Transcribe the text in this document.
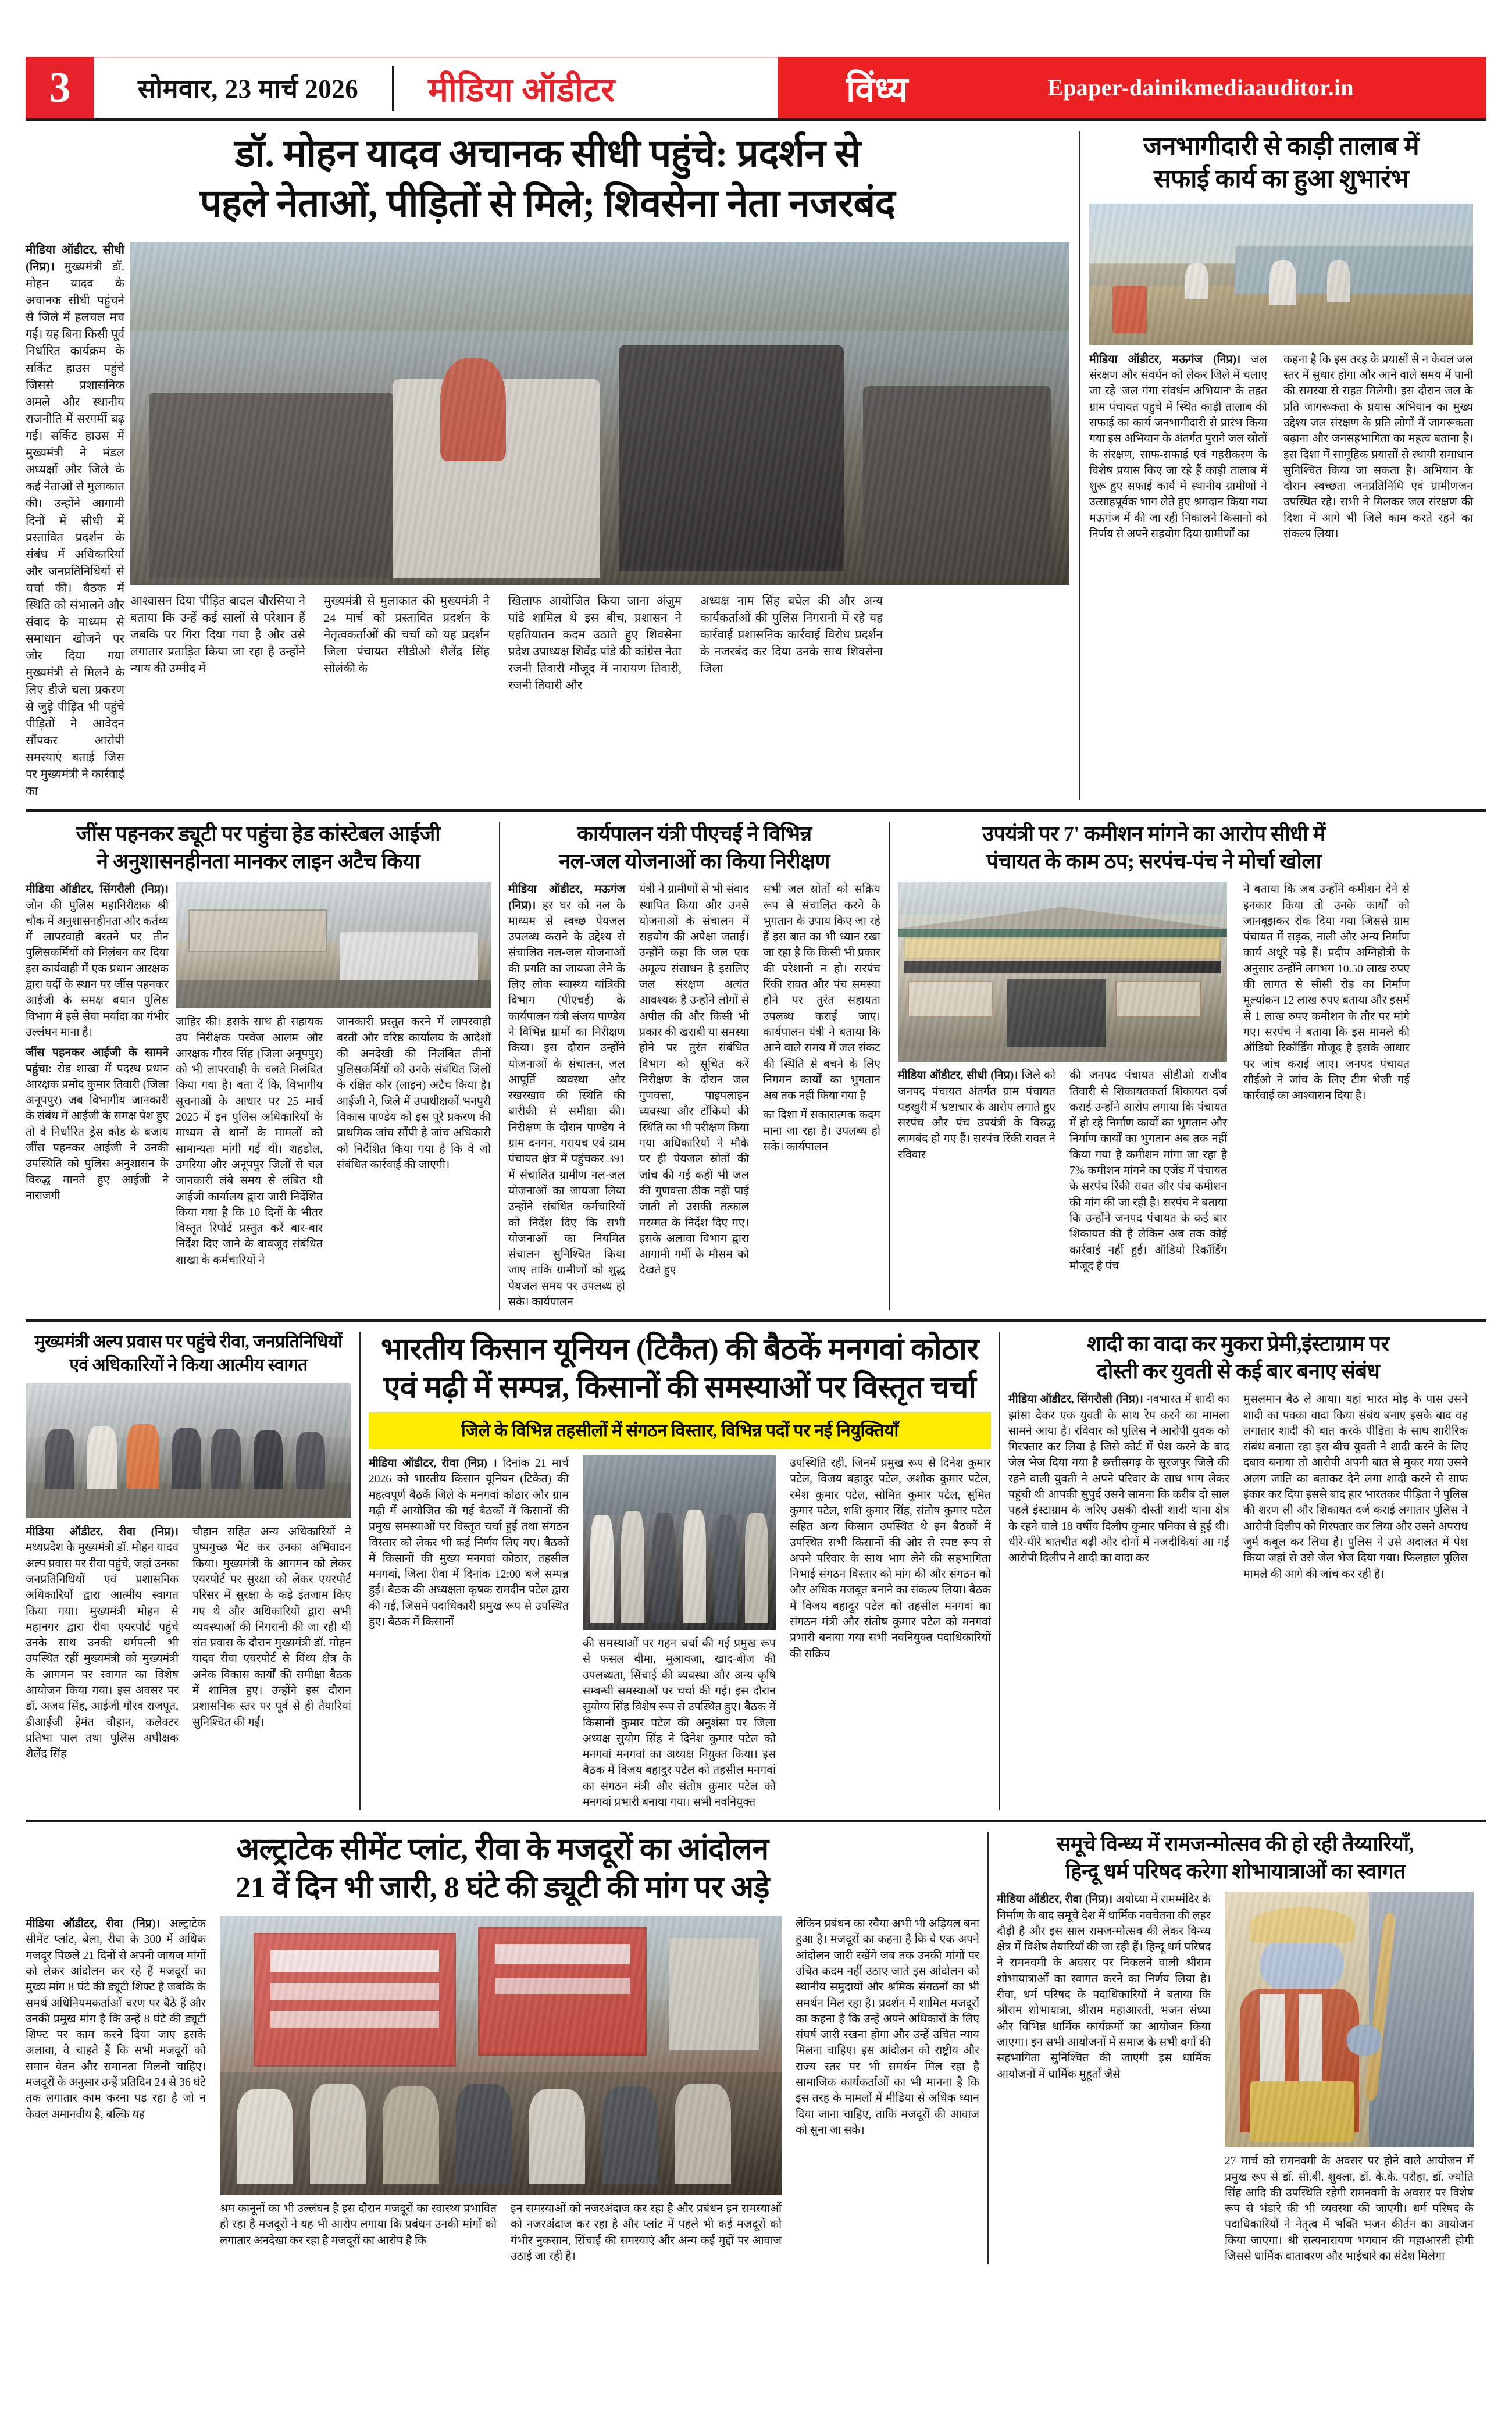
3	सोमवार, 23 मार्च 2026 मीडिया ऑडीटर	विंध्य	Epaper-dainikmediaauditor.in
डॉ. मोहन यादव अचानक सीधी पहुंचे: प्रदर्शन से
पहले नेताओं, पीड़ितों से मिले; शिवसेना नेता नजरबंद

मीडिया ऑडीटर, सीधी (निप्र)। मुख्यमंत्री डॉ. मोहन यादव के अचानक सीधी पहुंचने से जिले में हलचल मच गई। यह बिना किसी पूर्व निर्धारित कार्यक्रम के सर्किट हाउस पहुंचे जिससे प्रशासनिक अमले और स्थानीय राजनीति में सरगर्मी बढ़ गई। सर्किट हाउस में मुख्यमंत्री ने मंडल अध्यक्षों और जिले के कई नेताओं से मुलाकात की। उन्होंने आगामी दिनों में सीधी में प्रस्तावित प्रदर्शन के संबंध में अधिकारियों और जनप्रतिनिधियों से चर्चा की। बैठक में स्थिति को संभालने और संवाद के माध्यम से समाधान खोजने पर जोर दिया गया मुख्यमंत्री से मिलने के लिए डीजे चला प्रकरण से जुड़े पीड़ित भी पहुंचे पीड़ितों ने आवेदन सौंपकर आरोपी समस्याएं बताई जिस पर मुख्यमंत्री ने कार्रवाई का

आश्वासन दिया पीड़ित बादल चौरसिया ने बताया कि उन्हें कई सालों से परेशान हैं जबकि पर गिरा दिया गया है और उसे लगातार प्रताड़ित किया जा रहा है उन्होंने न्याय की उम्मीद में

मुख्यमंत्री से मुलाकात की मुख्यमंत्री ने 24 मार्च को प्रस्तावित प्रदर्शन के नेतृत्वकर्ताओं की चर्चा को यह प्रदर्शन जिला पंचायत सीडीओ शैलेंद्र सिंह सोलंकी के

खिलाफ आयोजित किया जाना अंजुम पांडे शामिल थे इस बीच, प्रशासन ने एहतियातन कदम उठाते हुए शिवसेना प्रदेश उपाध्यक्ष शिवेंद्र पांडे की कांग्रेस नेता रजनी तिवारी मौजूद में नारायण तिवारी, रजनी तिवारी और

अध्यक्ष नाम सिंह बघेल की और अन्य कार्यकर्ताओं की पुलिस निगरानी में रहे यह कार्रवाई प्रशासनिक कार्रवाई विरोध प्रदर्शन के नजरबंद कर दिया उनके साथ शिवसेना जिला

जनभागीदारी से काड़ी तालाब में
सफाई कार्य का हुआ शुभारंभ

मीडिया ऑडीटर, मऊगंज (निप्र)। जल संरक्षण और संवर्धन को लेकर जिले में चलाए जा रहे 'जल गंगा संवर्धन अभियान' के तहत ग्राम पंचायत पहुचे में स्थित काड़ी तालाब की सफाई का कार्य जनभागीदारी से प्रारंभ किया गया इस अभियान के अंतर्गत पुराने जल स्रोतों के संरक्षण, साफ-सफाई एवं गहरीकरण के विशेष प्रयास किए जा रहे हैं काड़ी तालाब में शुरू हुए सफाई कार्य में स्थानीय ग्रामीणों ने उत्साहपूर्वक भाग लेते हुए श्रमदान किया गया मऊगंज में की जा रही निकालने किसानों को निर्णय से अपने सहयोग दिया ग्रामीणों का

कहना है कि इस तरह के प्रयासों से न केवल जल स्तर में सुधार होगा और आने वाले समय में पानी की समस्या से राहत मिलेगी। इस दौरान जल के प्रति जागरूकता के प्रयास अभियान का मुख्य उद्देश्य जल संरक्षण के प्रति लोगों में जागरूकता बढ़ाना और जनसहभागिता का महत्व बताना है। इस दिशा में सामूहिक प्रयासों से स्थायी समाधान सुनिश्चित किया जा सकता है। अभियान के दौरान स्वच्छता जनप्रतिनिधि एवं ग्रामीणजन उपस्थित रहे। सभी ने मिलकर जल संरक्षण की दिशा में आगे भी जिले काम करते रहने का संकल्प लिया।

जींस पहनकर ड्यूटी पर पहुंचा हेड कांस्टेबल आईजी
ने अनुशासनहीनता मानकर लाइन अटैच किया

मीडिया ऑडीटर, सिंगरौली (निप्र)। जोन की पुलिस महानिरीक्षक श्री चौक में अनुशासनहीनता और कर्तव्य में लापरवाही बरतने पर तीन पुलिसकर्मियों को निलंबन कर दिया इस कार्यवाही में एक प्रधान आरक्षक द्वारा वर्दी के स्थान पर जींस पहनकर आईजी के समक्ष बयान पुलिस विभाग में इसे सेवा मर्यादा का गंभीर उल्लंघन माना है।

जींस पहनकर आईजी के सामने पहुंचा: रोड शाखा में पदस्थ प्रधान आरक्षक प्रमोद कुमार तिवारी (जिला अनूपपुर) जब विभागीय जानकारी के संबंध में आईजी के समक्ष पेश हुए तो वे निर्धारित ड्रेस कोड के बजाय जींस पहनकर आईजी ने उनकी उपस्थिति को पुलिस अनुशासन के विरुद्ध मानते हुए आईजी ने नाराजगी

जाहिर की। इसके साथ ही सहायक उप निरीक्षक परवेज आलम और आरक्षक गौरव सिंह (जिला अनूपपुर) को भी लापरवाही के चलते निलंबित किया गया है। बता दें कि, विभागीय सूचनाओं के आधार पर 25 मार्च 2025 में इन पुलिस अधिकारियों के माध्यम से थानों के मामलों को सामान्यतः मांगी गई थी। शहडोल, उमरिया और अनूपपुर जिलों से चल जानकारी लंबे समय से लंबित थी आईजी कार्यालय द्वारा जारी निर्देशित किया गया है कि 10 दिनों के भीतर विस्तृत रिपोर्ट प्रस्तुत करें बार-बार निर्देश दिए जाने के बावजूद संबंधित शाखा के कर्मचारियों ने

जानकारी प्रस्तुत करने में लापरवाही बरती और वरिष्ठ कार्यालय के आदेशों की अनदेखी की निलंबित तीनों पुलिसकर्मियों को उनके संबंधित जिलों के रक्षित कोर (लाइन) अटैच किया है। आईजी ने, जिले में उपाधीक्षकों भनपुरी विकास पाण्डेय को इस पूरे प्रकरण की प्राथमिक जांच सौंपी है जांच अधिकारी को निर्देशित किया गया है कि वे जो संबंधित कार्रवाई की जाएगी।

कार्यपालन यंत्री पीएचई ने विभिन्न
नल-जल योजनाओं का किया निरीक्षण

मीडिया ऑडीटर, मऊगंज (निप्र)। हर घर को नल के माध्यम से स्वच्छ पेयजल उपलब्ध कराने के उद्देश्य से संचालित नल-जल योजनाओं की प्रगति का जायजा लेने के लिए लोक स्वास्थ्य यांत्रिकी विभाग (पीएचई) के कार्यपालन यंत्री संजय पाण्डेय ने विभिन्न ग्रामों का निरीक्षण किया। इस दौरान उन्होंने योजनाओं के संचालन, जल आपूर्ति व्यवस्था और रखरखाव की स्थिति की बारीकी से समीक्षा की। निरीक्षण के दौरान पाण्डेय ने ग्राम दनगन, गरायच एवं ग्राम पंचायत क्षेत्र में पहुंचकर 391 में संचालित ग्रामीण नल-जल योजनाओं का जायजा लिया उन्होंने संबंधित कर्मचारियों को निर्देश दिए कि सभी योजनाओं का नियमित संचालन सुनिश्चित किया जाए ताकि ग्रामीणों को शुद्ध पेयजल समय पर उपलब्ध हो सके। कार्यपालन

यंत्री ने ग्रामीणों से भी संवाद स्थापित किया और उनसे योजनाओं के संचालन में सहयोग की अपेक्षा जताई। उन्होंने कहा कि जल एक अमूल्य संसाधन है इसलिए जल संरक्षण अत्यंत आवश्यक है उन्होंने लोगों से अपील की और किसी भी प्रकार की खराबी या समस्या होने पर तुरंत संबंधित विभाग को सूचित करें निरीक्षण के दौरान जल गुणवत्ता, पाइपलाइन व्यवस्था और टोंकियो की स्थिति का भी परीक्षण किया गया अधिकारियों ने मौके पर ही पेयजल स्रोतों की जांच की गई कहीं भी जल की गुणवत्ता ठीक नहीं पाई जाती तो उसकी तत्काल मरम्मत के निर्देश दिए गए। इसके अलावा विभाग द्वारा आगामी गर्मी के मौसम को देखते हुए

सभी जल स्रोतों को सक्रिय रूप से संचालित करने के भुगतान के उपाय किए जा रहे हैं इस बात का भी ध्यान रखा जा रहा है कि किसी भी प्रकार की परेशानी न हो। सरपंच रिंकी रावत और पंच समस्या होने पर तुरंत सहायता उपलब्ध कराई जाए। कार्यपालन यंत्री ने बताया कि आने वाले समय में जल संकट की स्थिति से बचने के लिए निगमन कार्यों का भुगतान अब तक नहीं किया गया है

का दिशा में सकारात्मक कदम माना जा रहा है। उपलब्ध हो सके। कार्यपालन

उपयंत्री पर 7' कमीशन मांगने का आरोप सीधी में
पंचायत के काम ठप; सरपंच-पंच ने मोर्चा खोला

मीडिया ऑडीटर, सीधी (निप्र)। जिले को जनपद पंचायत अंतर्गत ग्राम पंचायत पड़खुरी में भ्रष्टाचार के आरोप लगाते हुए सरपंच और पंच उपयंत्री के विरुद्ध लामबंद हो गए हैं। सरपंच रिंकी रावत ने रविवार

की जनपद पंचायत सीडीओ राजीव तिवारी से शिकायतकर्ता शिकायत दर्ज कराई उन्होंने आरोप लगाया कि पंचायत में हो रहे निर्माण कार्यों का भुगतान और निर्माण कार्यों का भुगतान अब तक नहीं किया गया है कमीशन मांगा जा रहा है 7% कमीशन मांगने का एजेंड में पंचायत के सरपंच रिंकी रावत और पंच कमीशन की मांग की जा रही है। सरपंच ने बताया कि उन्होंने जनपद पंचायत के कई बार शिकायत की है लेकिन अब तक कोई कार्रवाई नहीं हुई। ऑडियो रिकॉर्डिंग मौजूद है पंच

ने बताया कि जब उन्होंने कमीशन देने से इनकार किया तो उनके कार्यों को जानबूझकर रोक दिया गया जिससे ग्राम पंचायत में सड़क, नाली और अन्य निर्माण कार्य अधूरे पड़े हैं। प्रदीप अग्निहोत्री के अनुसार उन्होंने लगभग 10.50 लाख रुपए की लागत से सीसी रोड का निर्माण मूल्यांकन 12 लाख रुपए बताया और इसमें से 1 लाख रुपए कमीशन के तौर पर मांगे गए। सरपंच ने बताया कि इस मामले की ऑडियो रिकॉर्डिंग मौजूद है इसके आधार पर जांच कराई जाए। जनपद पंचायत सीईओ ने जांच के लिए टीम भेजी गई कार्रवाई का आश्वासन दिया है।

मुख्यमंत्री अल्प प्रवास पर पहुंचे रीवा, जनप्रतिनिधियों
एवं अधिकारियों ने किया आत्मीय स्वागत

मीडिया ऑडीटर, रीवा (निप्र)। मध्यप्रदेश के मुख्यमंत्री डॉ. मोहन यादव अल्प प्रवास पर रीवा पहुंचे, जहां उनका जनप्रतिनिधियों एवं प्रशासनिक अधिकारियों द्वारा आत्मीय स्वागत किया गया। मुख्यमंत्री मोहन से महानगर द्वारा रीवा एयरपोर्ट पहुंचे उनके साथ उनकी धर्मपत्नी भी उपस्थित रहीं मुख्यमंत्री को मुख्यमंत्री के आगमन पर स्वागत का विशेष आयोजन किया गया। इस अवसर पर डॉ. अजय सिंह, आईजी गौरव राजपूत, डीआईजी हेमंत चौहान, कलेक्टर प्रतिभा पाल तथा पुलिस अधीक्षक शैलेंद्र सिंह

चौहान सहित अन्य अधिकारियों ने पुष्पगुच्छ भेंट कर उनका अभिवादन किया। मुख्यमंत्री के आगमन को लेकर एयरपोर्ट पर सुरक्षा को लेकर एयरपोर्ट परिसर में सुरक्षा के कड़े इंतजाम किए गए थे और अधिकारियों द्वारा सभी व्यवस्थाओं की निगरानी की जा रही थी संत प्रवास के दौरान मुख्यमंत्री डॉ. मोहन यादव रीवा एयरपोर्ट से विंध्य क्षेत्र के अनेक विकास कार्यों की समीक्षा बैठक में शामिल हुए। उन्होंने इस दौरान प्रशासनिक स्तर पर पूर्व से ही तैयारियां सुनिश्चित की गईं।

भारतीय किसान यूनियन (टिकैत) की बैठकें मनगवां कोठार
एवं मढ़ी में सम्पन्न, किसानों की समस्याओं पर विस्तृत चर्चा
जिले के विभिन्न तहसीलों में संगठन विस्तार, विभिन्न पदों पर नई नियुक्तियाँ

मीडिया ऑडीटर, रीवा (निप्र) । दिनांक 21 मार्च 2026 को भारतीय किसान यूनियन (टिकैत) की महत्वपूर्ण बैठकें जिले के मनगवां कोठार और ग्राम मढ़ी में आयोजित की गई बैठकों में किसानों की प्रमुख समस्याओं पर विस्तृत चर्चा हुई तथा संगठन विस्तार को लेकर भी कई निर्णय लिए गए। बैठकों में किसानों की मुख्य मनगवां कोठार, तहसील मनगवां, जिला रीवा में दिनांक 12:00 बजे सम्पन्न हुई। बैठक की अध्यक्षता कृषक रामदीन पटेल द्वारा की गई, जिसमें पदाधिकारी प्रमुख रूप से उपस्थित हुए। बैठक में किसानों

की समस्याओं पर गहन चर्चा की गई प्रमुख रूप से फसल बीमा, मुआवजा, खाद-बीज की उपलब्धता, सिंचाई की व्यवस्था और अन्य कृषि सम्बन्धी समस्याओं पर चर्चा की गई। इस दौरान सुयोग्य सिंह विशेष रूप से उपस्थित हुए। बैठक में किसानों कुमार पटेल की अनुशंसा पर जिला अध्यक्ष सुयोग सिंह ने दिनेश कुमार पटेल को मनगवां मनगवां का अध्यक्ष नियुक्त किया। इस बैठक में विजय बहादुर पटेल को तहसील मनगवां का संगठन मंत्री और संतोष कुमार पटेल को मनगवां प्रभारी बनाया गया। सभी नवनियुक्त

उपस्थिति रही, जिनमें प्रमुख रूप से दिनेश कुमार पटेल, विजय बहादुर पटेल, अशोक कुमार पटेल, रमेश कुमार पटेल, सोमित कुमार पटेल, सुमित कुमार पटेल, शशि कुमार सिंह, संतोष कुमार पटेल सहित अन्य किसान उपस्थित थे इन बैठकों में उपस्थित सभी किसानों की ओर से स्पष्ट रूप से अपने परिवार के साथ भाग लेने की सहभागिता निभाई संगठन विस्तार को मांग की और संगठन को और अधिक मजबूत बनाने का संकल्प लिया। बैठक में विजय बहादुर पटेल को तहसील मनगवां का संगठन मंत्री और संतोष कुमार पटेल को मनगवां प्रभारी बनाया गया सभी नवनियुक्त पदाधिकारियों की सक्रिय

शादी का वादा कर मुकरा प्रेमी,इंस्टाग्राम पर
दोस्ती कर युवती से कई बार बनाए संबंध

मीडिया ऑडीटर, सिंगरौली (निप्र)। नवभारत में शादी का झांसा देकर एक युवती के साथ रेप करने का मामला सामने आया है। रविवार को पुलिस ने आरोपी युवक को गिरफ्तार कर लिया है जिसे कोर्ट में पेश करने के बाद जेल भेज दिया गया है छत्तीसगढ़ के सूरजपुर जिले की रहने वाली युवती ने अपने परिवार के साथ भाग लेकर पहुंची थी आपकी सुपुर्द उसने सामना कि करीब दो साल पहले इंस्टाग्राम के जरिए उसकी दोस्ती शादी थाना क्षेत्र के रहने वाले 18 वर्षीय दिलीप कुमार पनिका से हुई थी। धीरे-धीरे बातचीत बढ़ी और दोनों में नजदीकियां आ गईं आरोपी दिलीप ने शादी का वादा कर

मुसलमान बैठ ले आया। यहां भारत मोड़ के पास उसने शादी का पक्का वादा किया संबंध बनाए इसके बाद वह लगातार शादी की बात करके पीड़िता के साथ शारीरिक संबंध बनाता रहा इस बीच युवती ने शादी करने के लिए दबाव बनाया तो आरोपी अपनी बात से मुकर गया उसने अलग जाति का बताकर देने लगा शादी करने से साफ इंकार कर दिया इससे बाद हार भारतकर पीड़िता ने पुलिस की शरण ली और शिकायत दर्ज कराई लगातार पुलिस ने आरोपी दिलीप को गिरफ्तार कर लिया और उसने अपराध जुर्म कबूल कर लिया है। पुलिस ने उसे अदालत में पेश किया जहां से उसे जेल भेज दिया गया। फिलहाल पुलिस मामले की आगे की जांच कर रही है।

अल्ट्राटेक सीमेंट प्लांट, रीवा के मजदूरों का आंदोलन
21 वें दिन भी जारी, 8 घंटे की ड्यूटी की मांग पर अड़े

मीडिया ऑडीटर, रीवा (निप्र)। अल्ट्राटेक सीमेंट प्लांट, बेला, रीवा के 300 में अधिक मजदूर पिछले 21 दिनों से अपनी जायज मांगों को लेकर आंदोलन कर रहे हैं मजदूरों का मुख्य मांग 8 घंटे की ड्यूटी शिफ्ट है जबकि के समर्थ अधिनियमकर्ताओं चरण पर बैठे हैं और उनकी प्रमुख मांग है कि उन्हें 8 घंटे की ड्यूटी शिफ्ट पर काम करने दिया जाए इसके अलावा, वे चाहते हैं कि सभी मजदूरों को समान वेतन और समानता मिलनी चाहिए। मजदूरों के अनुसार उन्हें प्रतिदिन 24 से 36 घंटे तक लगातार काम करना पड़ रहा है जो न केवल अमानवीय है, बल्कि यह

श्रम कानूनों का भी उल्लंघन है इस दौरान मजदूरों का स्वास्थ्य प्रभावित हो रहा है मजदूरों ने यह भी आरोप लगाया कि प्रबंधन उनकी मांगों को लगातार अनदेखा कर रहा है मजदूरों का आरोप है कि

इन समस्याओं को नजरअंदाज कर रहा है और प्रबंधन इन समस्याओं को नजरअंदाज कर रहा है और प्लांट में पहले भी कई मजदूरों को गंभीर नुकसान, सिंचाई की समस्याएं और अन्य कई मुद्दों पर आवाज उठाई जा रही है।

लेकिन प्रबंधन का रवैया अभी भी अड़ियल बना हुआ है। मजदूरों का कहना है कि वे एक अपने आंदोलन जारी रखेंगे जब तक उनकी मांगों पर उचित कदम नहीं उठाए जाते इस आंदोलन को स्थानीय समुदायों और श्रमिक संगठनों का भी समर्थन मिल रहा है। प्रदर्शन में शामिल मजदूरों का कहना है कि उन्हें अपने अधिकारों के लिए संघर्ष जारी रखना होगा और उन्हें उचित न्याय मिलना चाहिए। इस आंदोलन को राष्ट्रीय और राज्य स्तर पर भी समर्थन मिल रहा है सामाजिक कार्यकर्ताओं का भी मानना है कि इस तरह के मामलों में मीडिया से अधिक ध्यान दिया जाना चाहिए, ताकि मजदूरों की आवाज को सुना जा सके।

समूचे विन्ध्य में रामजन्मोत्सव की हो रही तैय्यारियाँ,
हिन्दू धर्म परिषद करेगा शोभायात्राओं का स्वागत

मीडिया ऑडीटर, रीवा (निप्र)। अयोध्या में रामम्मंदिर के निर्माण के बाद समूचे देश में धार्मिक नवचेतना की लहर दौड़ी है और इस साल रामजन्मोत्सव की लेकर विन्ध्य क्षेत्र में विशेष तैयारियाँ की जा रही हैं। हिन्दू धर्म परिषद ने रामनवमी के अवसर पर निकलने वाली श्रीराम शोभायात्राओं का स्वागत करने का निर्णय लिया है। रीवा, धर्म परिषद के पदाधिकारियों ने बताया कि श्रीराम शोभायात्रा, श्रीराम महाआरती, भजन संध्या और विभिन्न धार्मिक कार्यक्रमों का आयोजन किया जाएगा। इन सभी आयोजनों में समाज के सभी वर्गों की सहभागिता सुनिश्चित की जाएगी इस धार्मिक आयोजनों में धार्मिक मुहूर्तों जैसे

27 मार्च को रामनवमी के अवसर पर होने वाले आयोजन में प्रमुख रूप से डॉ. सी.बी. शुक्ला, डॉ. के.के. परौहा, डॉ. ज्योति सिंह आदि की उपस्थिति रहेगी रामनवमी के अवसर पर विशेष रूप से भंडारे की भी व्यवस्था की जाएगी। धर्म परिषद के पदाधिकारियों ने नेतृत्व में भक्ति भजन कीर्तन का आयोजन किया जाएगा। श्री सत्यनारायण भगवान की महाआरती होगी जिससे धार्मिक वातावरण और भाईचारे का संदेश मिलेगा
